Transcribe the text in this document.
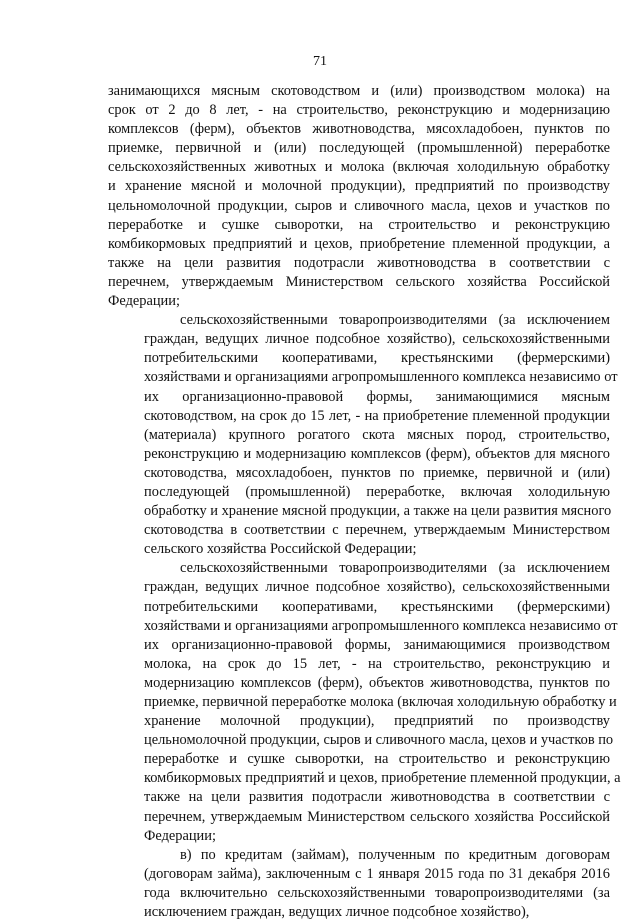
71
занимающихся мясным скотоводством и (или) производством молока) на
срок от 2 до 8 лет, - на строительство, реконструкцию и модернизацию
комплексов (ферм), объектов животноводства, мясохладобоен, пунктов по
приемке, первичной и (или) последующей (промышленной) переработке
сельскохозяйственных животных и молока (включая холодильную обработку
и хранение мясной и молочной продукции), предприятий по производству
цельномолочной продукции, сыров и сливочного масла, цехов и участков по
переработке и сушке сыворотки, на строительство и реконструкцию
комбикормовых предприятий и цехов, приобретение племенной продукции, а
также на цели развития подотрасли животноводства в соответствии с
перечнем, утверждаемым Министерством сельского хозяйства Российской
Федерации;
сельскохозяйственными товаропроизводителями (за исключением
граждан, ведущих личное подсобное хозяйство), сельскохозяйственными
потребительскими кооперативами, крестьянскими (фермерскими)
хозяйствами и организациями агропромышленного комплекса независимо от
их организационно-правовой формы, занимающимися мясным
скотоводством, на срок до 15 лет, - на приобретение племенной продукции
(материала) крупного рогатого скота мясных пород, строительство,
реконструкцию и модернизацию комплексов (ферм), объектов для мясного
скотоводства, мясохладобоен, пунктов по приемке, первичной и (или)
последующей (промышленной) переработке, включая холодильную
обработку и хранение мясной продукции, а также на цели развития мясного
скотоводства в соответствии с перечнем, утверждаемым Министерством
сельского хозяйства Российской Федерации;
сельскохозяйственными товаропроизводителями (за исключением
граждан, ведущих личное подсобное хозяйство), сельскохозяйственными
потребительскими кооперативами, крестьянскими (фермерскими)
хозяйствами и организациями агропромышленного комплекса независимо от
их организационно-правовой формы, занимающимися производством
молока, на срок до 15 лет, - на строительство, реконструкцию и
модернизацию комплексов (ферм), объектов животноводства, пунктов по
приемке, первичной переработке молока (включая холодильную обработку и
хранение молочной продукции), предприятий по производству
цельномолочной продукции, сыров и сливочного масла, цехов и участков по
переработке и сушке сыворотки, на строительство и реконструкцию
комбикормовых предприятий и цехов, приобретение племенной продукции, а
также на цели развития подотрасли животноводства в соответствии с
перечнем, утверждаемым Министерством сельского хозяйства Российской
Федерации;
в) по кредитам (займам), полученным по кредитным договорам
(договорам займа), заключенным с 1 января 2015 года по 31 декабря 2016
года включительно сельскохозяйственными товаропроизводителями (за
исключением граждан, ведущих личное подсобное хозяйство),
